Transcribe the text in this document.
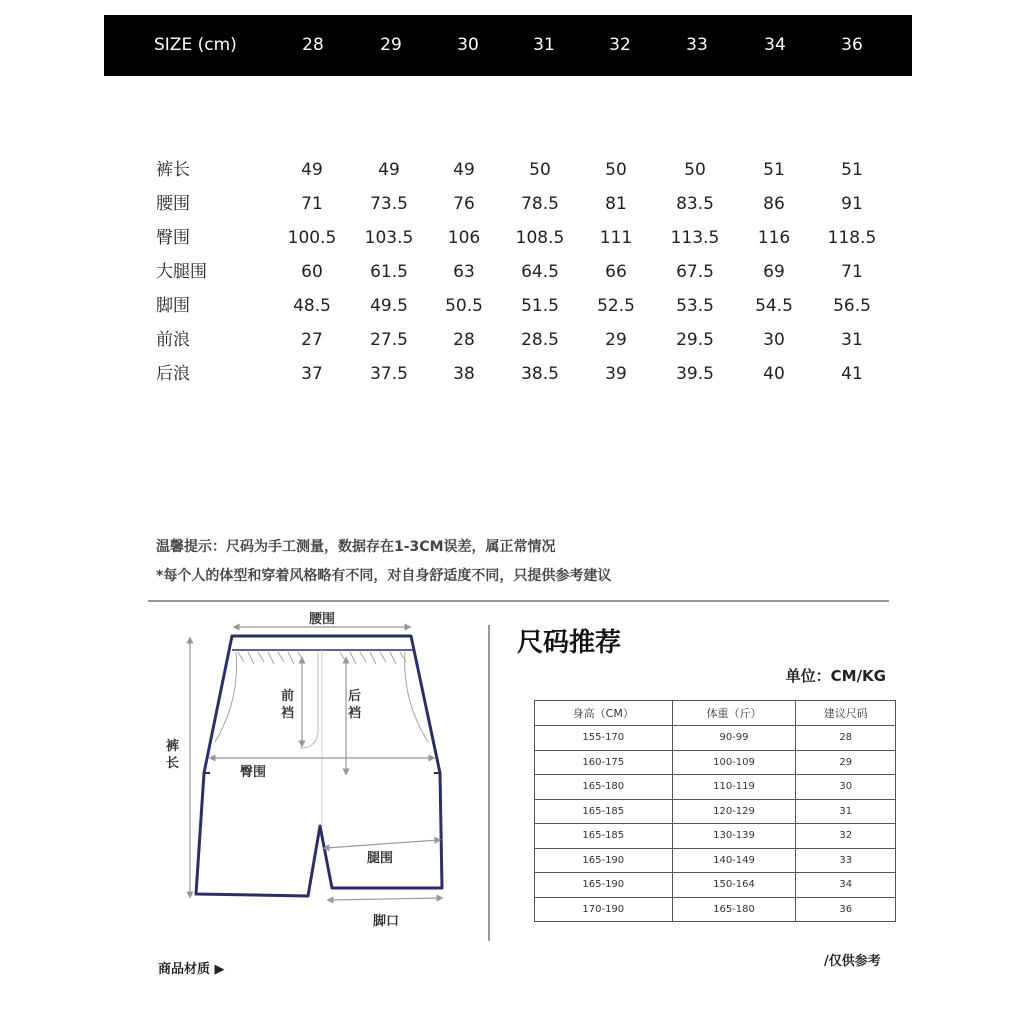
SIZE (cm)	28	29	30	31	32	33	34	36
裤长	49	49	49	50	50	50	51	51
腰围	71	73.5	76	78.5	81	83.5	86	91
臀围	100.5 103.5 106 108.5 111 113.5 116 118.5
大腿围	60	61.5	63	64.5	66	67.5	69	71
脚围	48.5 49.5 50.5 51.5 52.5 53.5 54.5 56.5
前浪	27	27.5	28	28.5	29	29.5	30	31
后浪	37	37.5	38	38.5	39	39.5	40	41
温馨提示：尺码为手工测量，数据存在1-3CM误差，属正常情况
*每个人的体型和穿着风格略有不同，对自身舒适度不同，只提供参考建议
腰围
裤
长
前
裆
后
裆
臀围
腿围
脚口
尺码推荐
单位：CM/KG
身高（CM）	体重（斤）	建议尺码
155-170	90-99	28
160-175	100-109	29
165-180	110-119	30
165-185	120-129	31
165-185	130-139	32
165-190	140-149	33
165-190	150-164	34
170-190	165-180	36
商品材质 ▶
/仅供参考
